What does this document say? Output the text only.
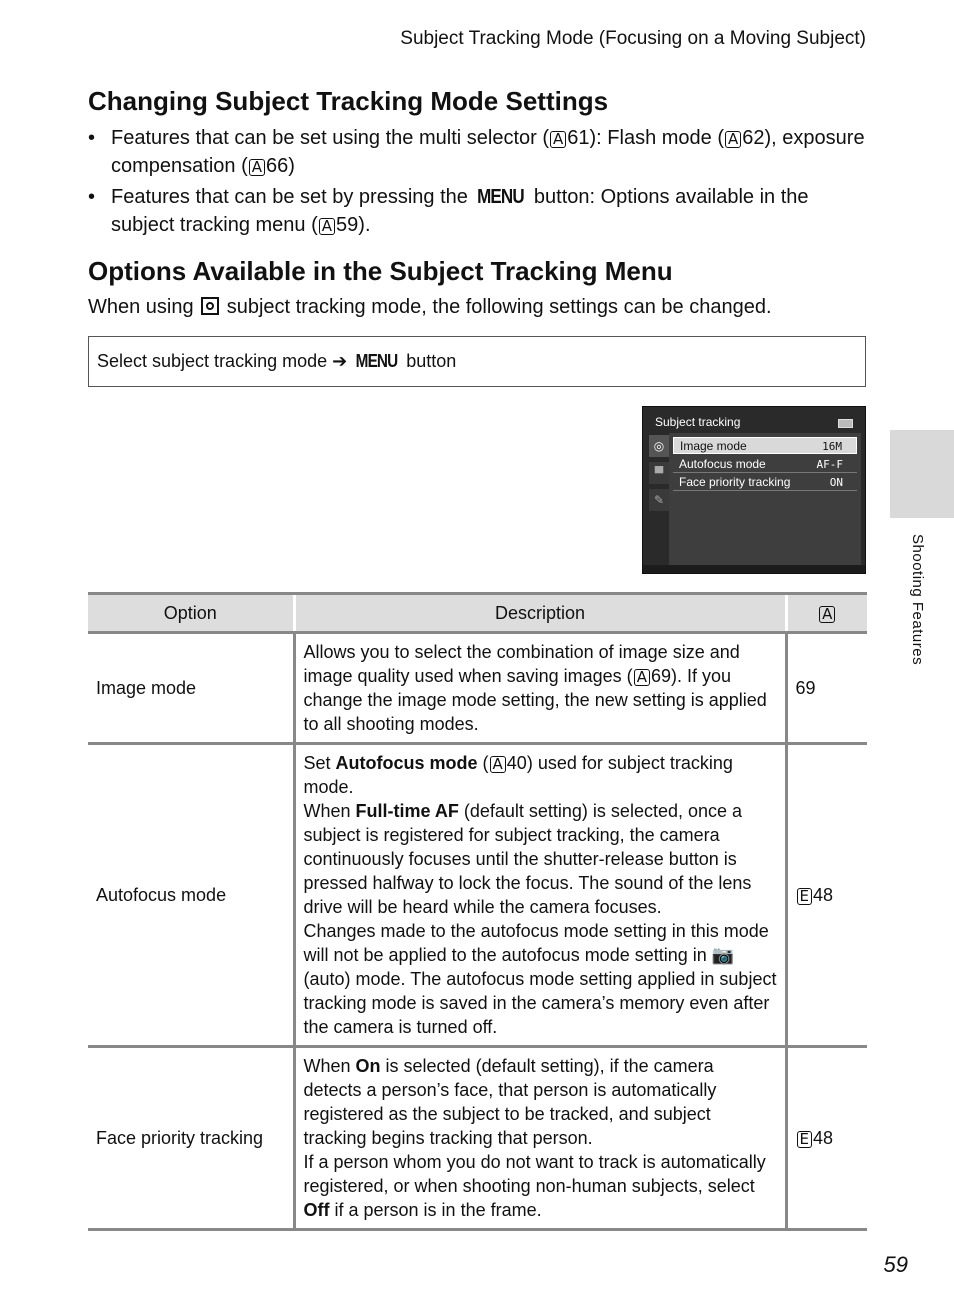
Subject Tracking Mode (Focusing on a Moving Subject)
Changing Subject Tracking Mode Settings
• Features that can be set using the multi selector ( A 61): Flash mode ( A 62), exposure compensation ( A 66)
• Features that can be set by pressing the MENU button: Options available in the subject tracking menu ( A 59).
Options Available in the Subject Tracking Menu
When using  subject tracking mode, the following settings can be changed.
Select subject tracking mode ➔ MENU button
Subject tracking
◎
▀
✎
Image mode	16M
Autofocus mode	AF-F
Face priority tracking	ON
Option	Description	A
Image mode	Allows you to select the combination of image size and image quality used when saving images ( A 69). If you change the image mode setting, the new setting is applied to all shooting modes.	69
Autofocus mode	Set Autofocus mode ( A 40) used for subject tracking mode.
When Full-time AF (default setting) is selected, once a subject is registered for subject tracking, the camera continuously focuses until the shutter-release button is pressed halfway to lock the focus. The sound of the lens drive will be heard while the camera focuses.
Changes made to the autofocus mode setting in this mode will not be applied to the autofocus mode setting in 📷 (auto) mode. The autofocus mode setting applied in subject tracking mode is saved in the camera’s memory even after the camera is turned off.	E 48
Face priority tracking	When On is selected (default setting), if the camera detects a person’s face, that person is automatically registered as the subject to be tracked, and subject tracking begins tracking that person.
If a person whom you do not want to track is automatically registered, or when shooting non-human subjects, select Off if a person is in the frame.	E 48
Shooting Features
59
